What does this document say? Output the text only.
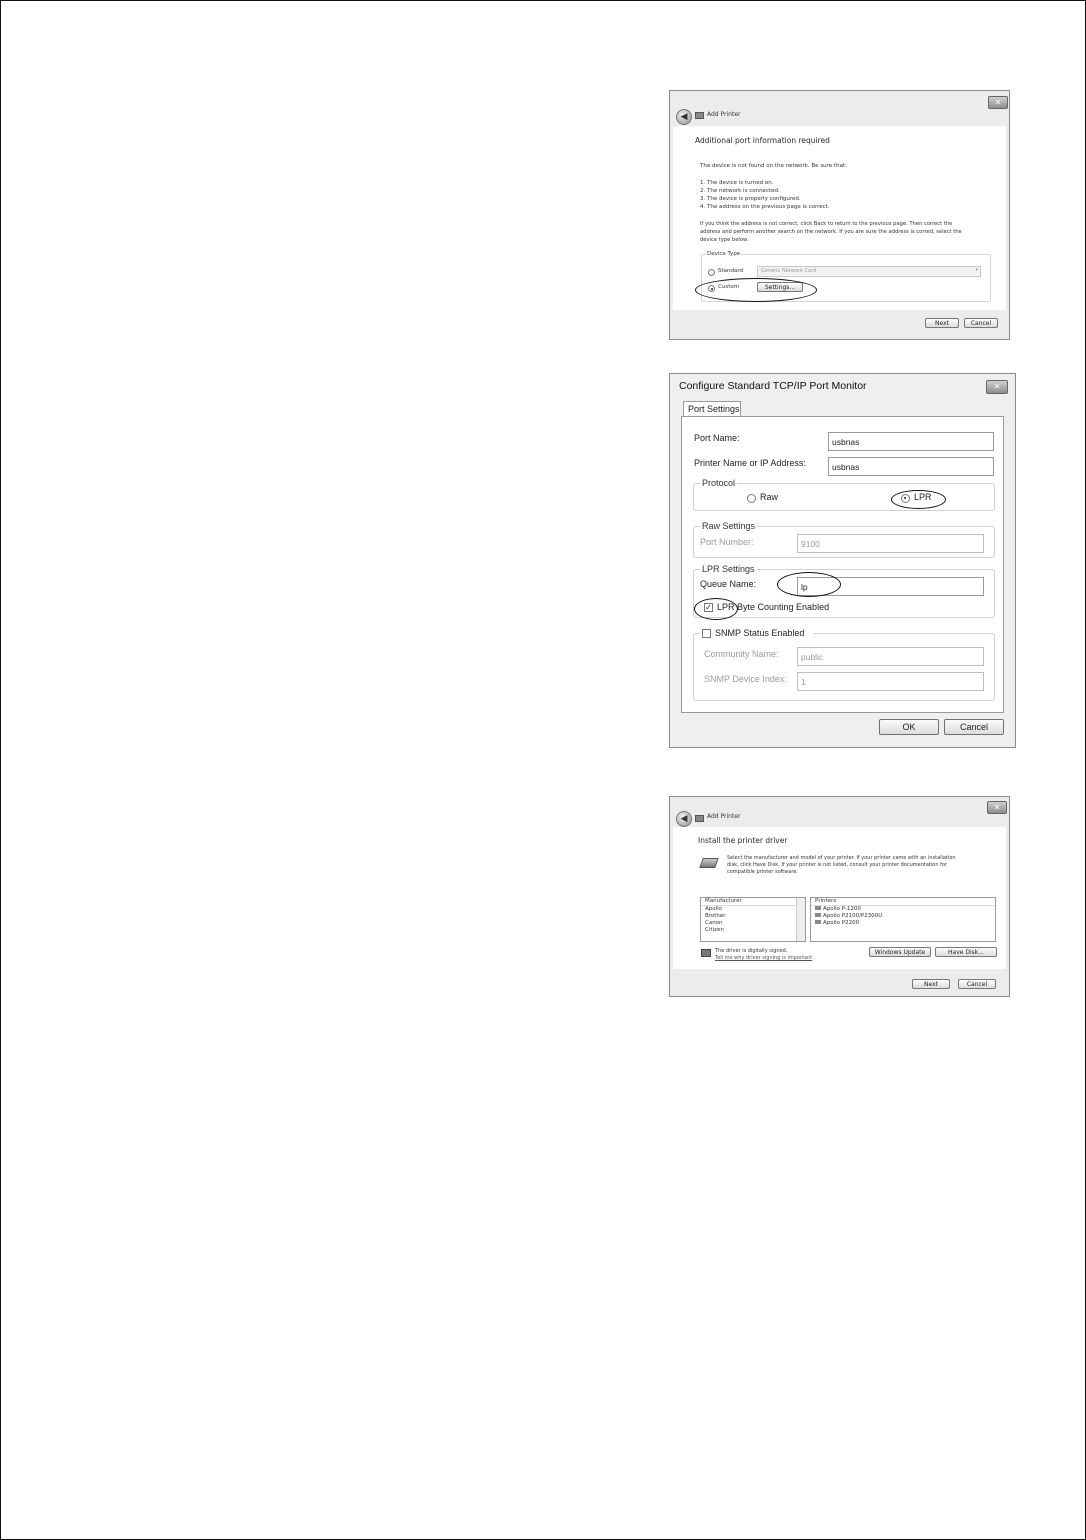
✕
◀	Add Printer
Additional port information required
The device is not found on the network. Be sure that:
1. The device is turned on.
2. The network is connected.
3. The device is properly configured.
4. The address on the previous page is correct.
If you think the address is not correct, click Back to return to the previous page. Then correct the
address and perform another search on the network. If you are sure the address is corred, select the
device type below.
Device Type
Standard	Generic Network Card	▾
Custom	Settings...
Next	Cancel
Configure Standard TCP/IP Port Monitor	✕
Port Settings
Port Name:	usbnas
Printer Name or IP Address:	usbnas
Protocol
Raw	LPR
Raw Settings
Port Number:	9100
LPR Settings
Queue Name:	lp
✓ LPR Byte Counting Enabled
SNMP Status Enabled
Community Name:	public
SNMP Device Index:	1
OK	Cancel
✕
◀	Add Printer
Install the printer driver
Select the manufacturer and model of your printer. If your printer came with an installation
disk, click Have Disk. If your printer is not listed, consult your printer documentation for
compatible printer software.
Manufacturer
Apollo
Brother
Canon
Citizen
Printers
Apollo P-1200
Apollo P2100/P2300U
Apollo P2200
The driver is digitally signed.
Tell me why driver signing is important
Windows Update	Have Disk...
Next	Cancel
